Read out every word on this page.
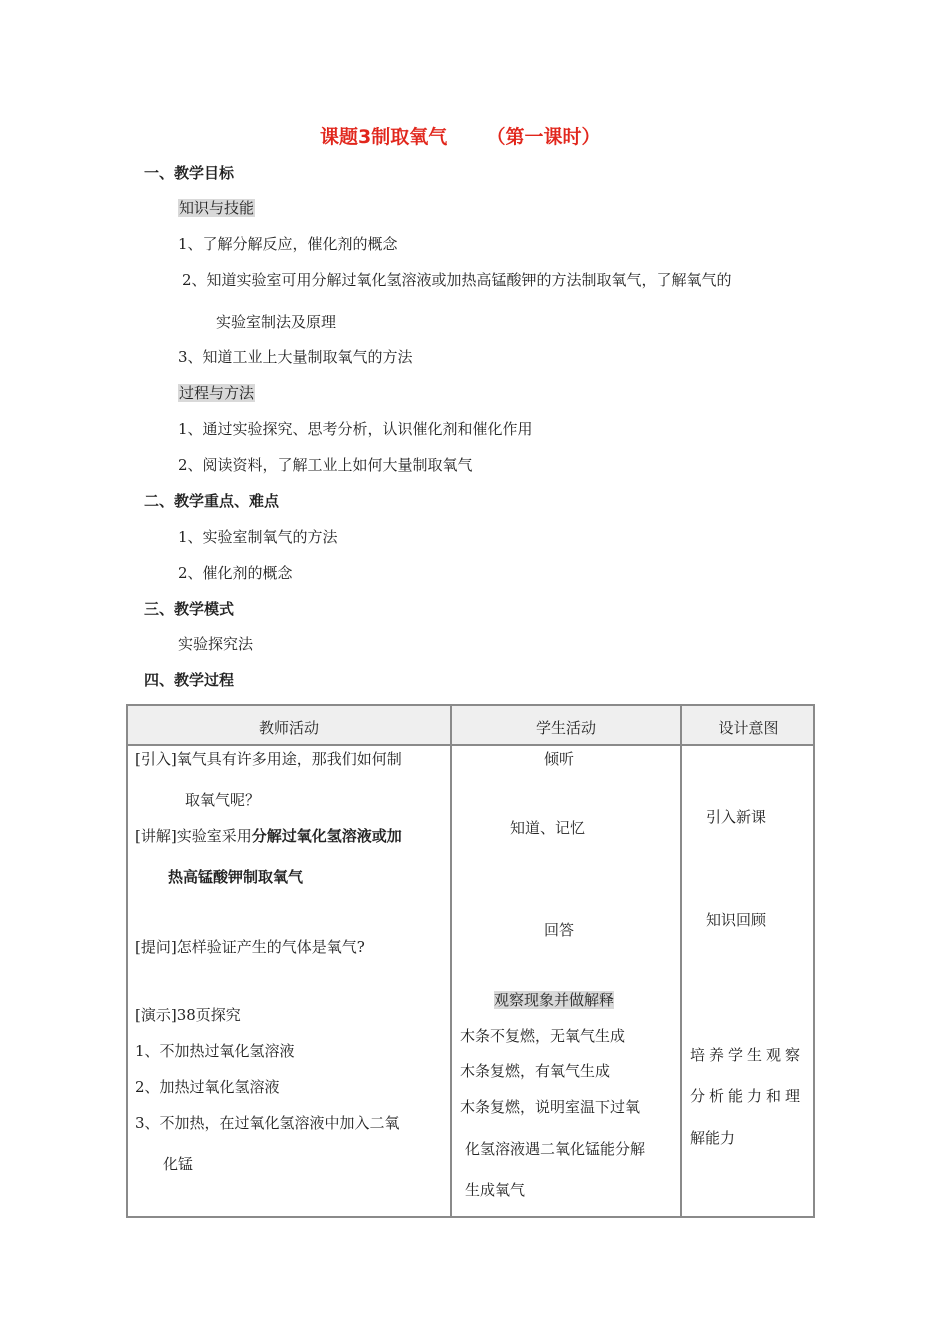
课题3制取氧气 （第一课时）
一、教学目标
知识与技能
1、了解分解反应，催化剂的概念
2、知道实验室可用分解过氧化氢溶液或加热高锰酸钾的方法制取氧气，了解氧气的
实验室制法及原理
3、知道工业上大量制取氧气的方法
过程与方法
1、通过实验探究、思考分析，认识催化剂和催化作用
2、阅读资料，了解工业上如何大量制取氧气
二、教学重点、难点
1、实验室制氧气的方法
2、催化剂的概念
三、教学模式
实验探究法
四、教学过程
教师活动	学生活动	设计意图
[引入]氧气具有许多用途，那我们如何制
取氧气呢？
[讲解]实验室采用分解过氧化氢溶液或加
热高锰酸钾制取氧气
[提问]怎样验证产生的气体是氧气?
[演示]38页探究
1、不加热过氧化氢溶液
2、加热过氧化氢溶液
3、不加热，在过氧化氢溶液中加入二氧
化锰
倾听
知道、记忆
回答
观察现象并做解释
木条不复燃，无氧气生成
木条复燃，有氧气生成
木条复燃，说明室温下过氧
化氢溶液遇二氧化锰能分解
生成氧气
引入新课
知识回顾
培养学生观察
分析能力和理
解能力
